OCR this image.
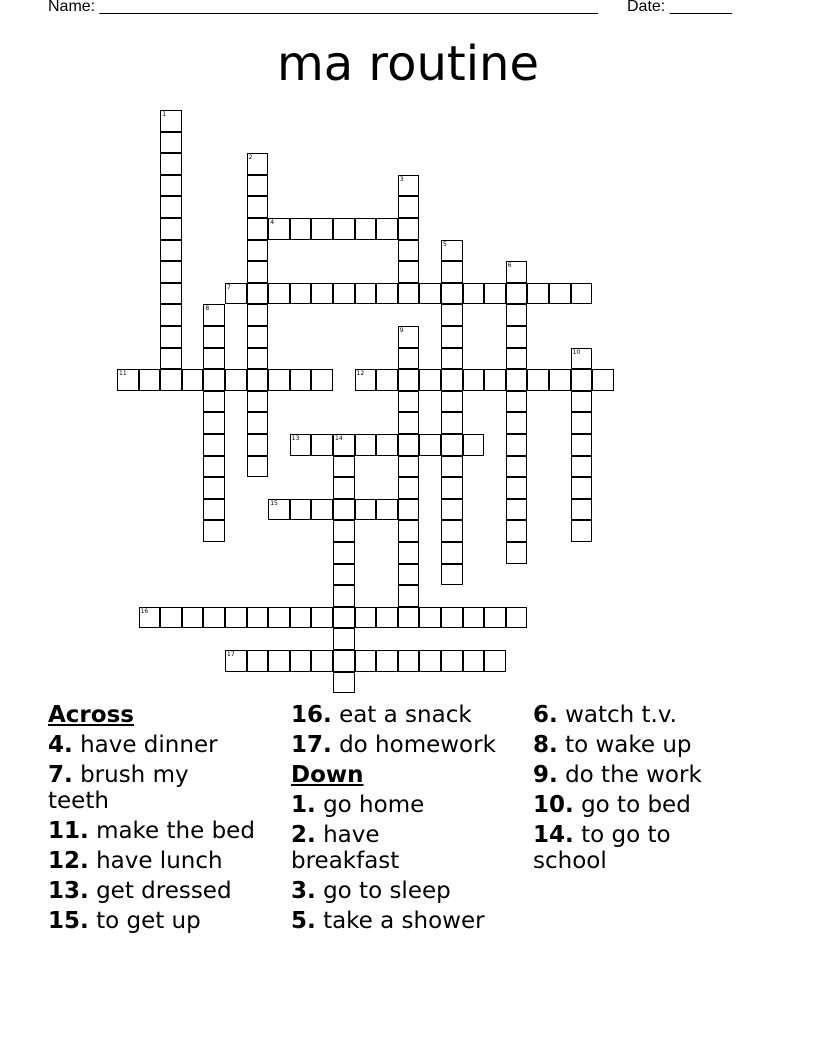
Name: ________________________________________________________ Date: _______
ma routine
1
2
3
4
5
6
7
8
9
10
11	12
13	14
15
16
17
Across
4. have dinner
7. brush my teeth
11. make the bed
12. have lunch
13. get dressed
15. to get up
16. eat a snack
17. do homework
Down
1. go home
2. have breakfast
3. go to sleep
5. take a shower
6. watch t.v.
8. to wake up
9. do the work
10. go to bed
14. to go to school
